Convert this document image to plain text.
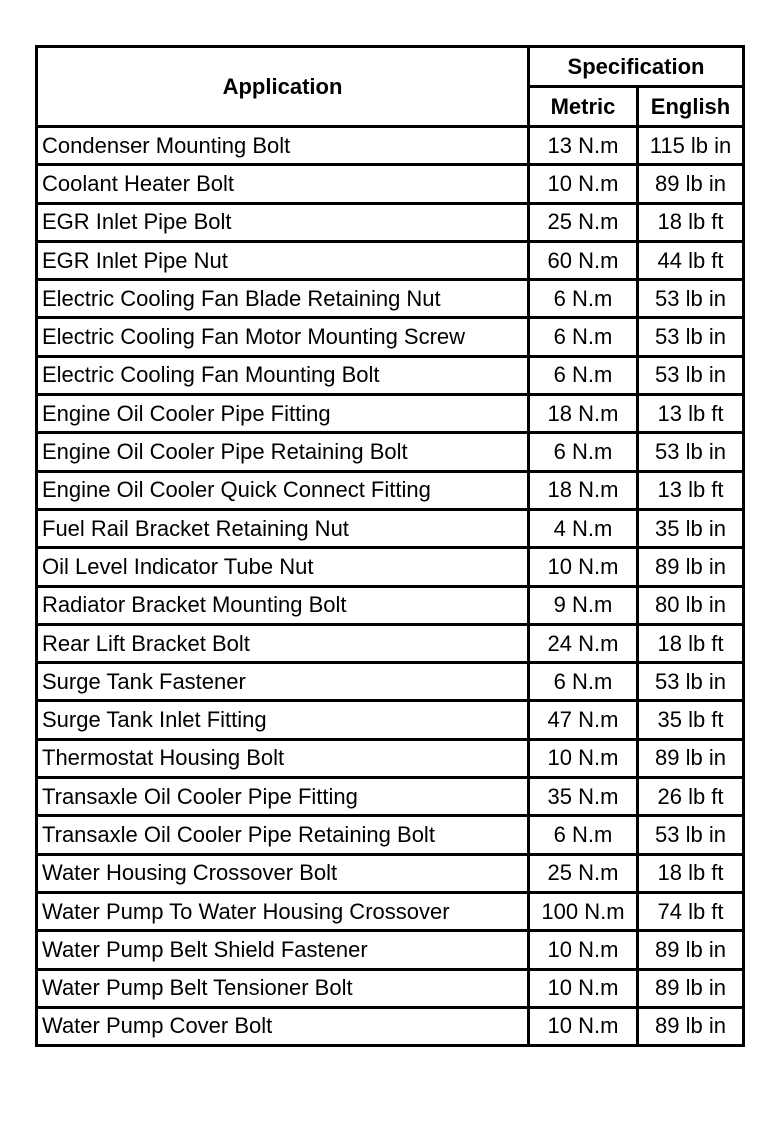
Application	Specification	
	Metric	English
Condenser Mounting Bolt	13 N.m	115 lb in
Coolant Heater Bolt	10 N.m	89 lb in
EGR Inlet Pipe Bolt	25 N.m	18 lb ft
EGR Inlet Pipe Nut	60 N.m	44 lb ft
Electric Cooling Fan Blade Retaining Nut	6 N.m	53 lb in
Electric Cooling Fan Motor Mounting Screw	6 N.m	53 lb in
Electric Cooling Fan Mounting Bolt	6 N.m	53 lb in
Engine Oil Cooler Pipe Fitting	18 N.m	13 lb ft
Engine Oil Cooler Pipe Retaining Bolt	6 N.m	53 lb in
Engine Oil Cooler Quick Connect Fitting	18 N.m	13 lb ft
Fuel Rail Bracket Retaining Nut	4 N.m	35 lb in
Oil Level Indicator Tube Nut	10 N.m	89 lb in
Radiator Bracket Mounting Bolt	9 N.m	80 lb in
Rear Lift Bracket Bolt	24 N.m	18 lb ft
Surge Tank Fastener	6 N.m	53 lb in
Surge Tank Inlet Fitting	47 N.m	35 lb ft
Thermostat Housing Bolt	10 N.m	89 lb in
Transaxle Oil Cooler Pipe Fitting	35 N.m	26 lb ft
Transaxle Oil Cooler Pipe Retaining Bolt	6 N.m	53 lb in
Water Housing Crossover Bolt	25 N.m	18 lb ft
Water Pump To Water Housing Crossover	100 N.m	74 lb ft
Water Pump Belt Shield Fastener	10 N.m	89 lb in
Water Pump Belt Tensioner Bolt	10 N.m	89 lb in
Water Pump Cover Bolt	10 N.m	89 lb in
